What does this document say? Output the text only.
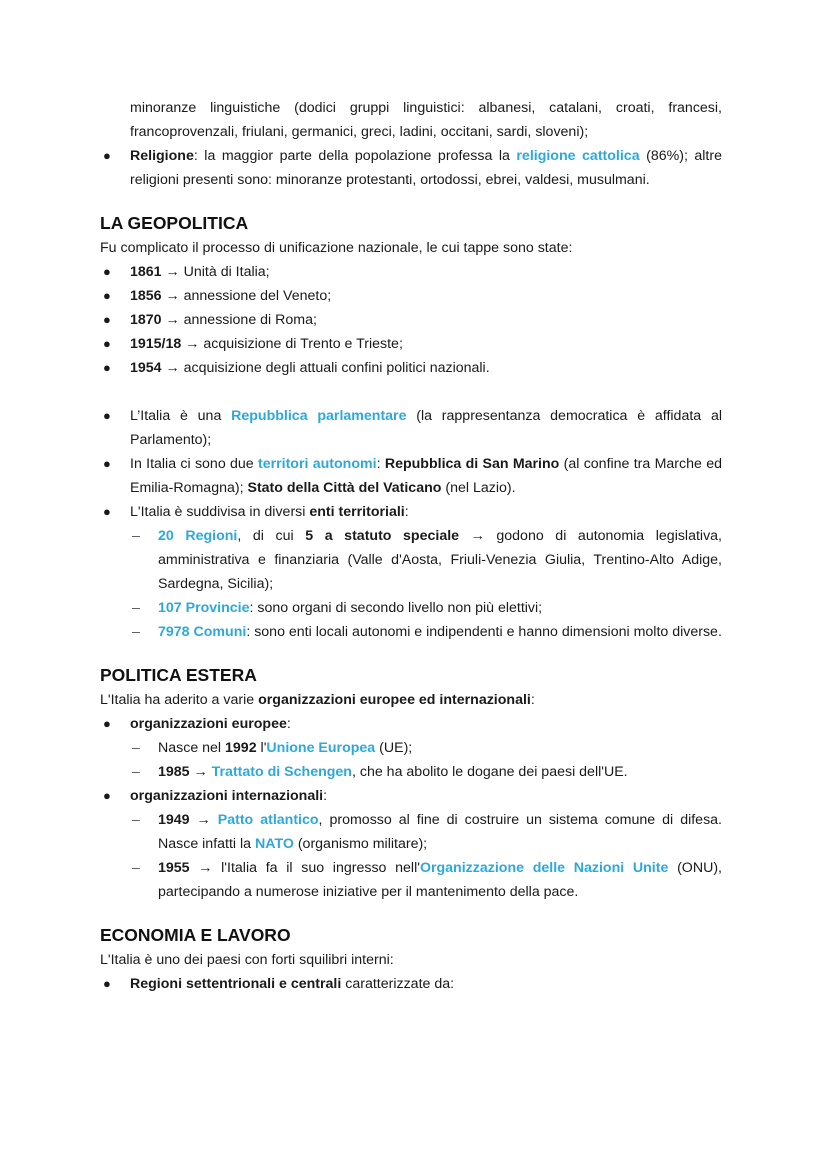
minoranze linguistiche (dodici gruppi linguistici: albanesi, catalani, croati, francesi, francoprovenzali, friulani, germanici, greci, ladini, occitani, sardi, sloveni);
● Religione: la maggior parte della popolazione professa la religione cattolica (86%); altre religioni presenti sono: minoranze protestanti, ortodossi, ebrei, valdesi, musulmani.
LA GEOPOLITICA
Fu complicato il processo di unificazione nazionale, le cui tappe sono state:
● 1861 → Unità di Italia;
● 1856 → annessione del Veneto;
● 1870 → annessione di Roma;
● 1915/18 → acquisizione di Trento e Trieste;
● 1954 → acquisizione degli attuali confini politici nazionali.
● L’Italia è una Repubblica parlamentare (la rappresentanza democratica è affidata al Parlamento);
● In Italia ci sono due territori autonomi: Repubblica di San Marino (al confine tra Marche ed Emilia-Romagna); Stato della Città del Vaticano (nel Lazio).
● L'Italia è suddivisa in diversi enti territoriali:
– 20 Regioni, di cui 5 a statuto speciale → godono di autonomia legislativa, amministrativa e finanziaria (Valle d'Aosta, Friuli-Venezia Giulia, Trentino-Alto Adige, Sardegna, Sicilia);
– 107 Provincie: sono organi di secondo livello non più elettivi;
– 7978 Comuni: sono enti locali autonomi e indipendenti e hanno dimensioni molto diverse.
POLITICA ESTERA
L'Italia ha aderito a varie organizzazioni europee ed internazionali:
● organizzazioni europee:
– Nasce nel 1992 l'Unione Europea (UE);
– 1985 → Trattato di Schengen, che ha abolito le dogane dei paesi dell'UE.
● organizzazioni internazionali:
– 1949 → Patto atlantico, promosso al fine di costruire un sistema comune di difesa. Nasce infatti la NATO (organismo militare);
– 1955 → l'Italia fa il suo ingresso nell'Organizzazione delle Nazioni Unite (ONU), partecipando a numerose iniziative per il mantenimento della pace.
ECONOMIA E LAVORO
L'Italia è uno dei paesi con forti squilibri interni:
● Regioni settentrionali e centrali caratterizzate da:
